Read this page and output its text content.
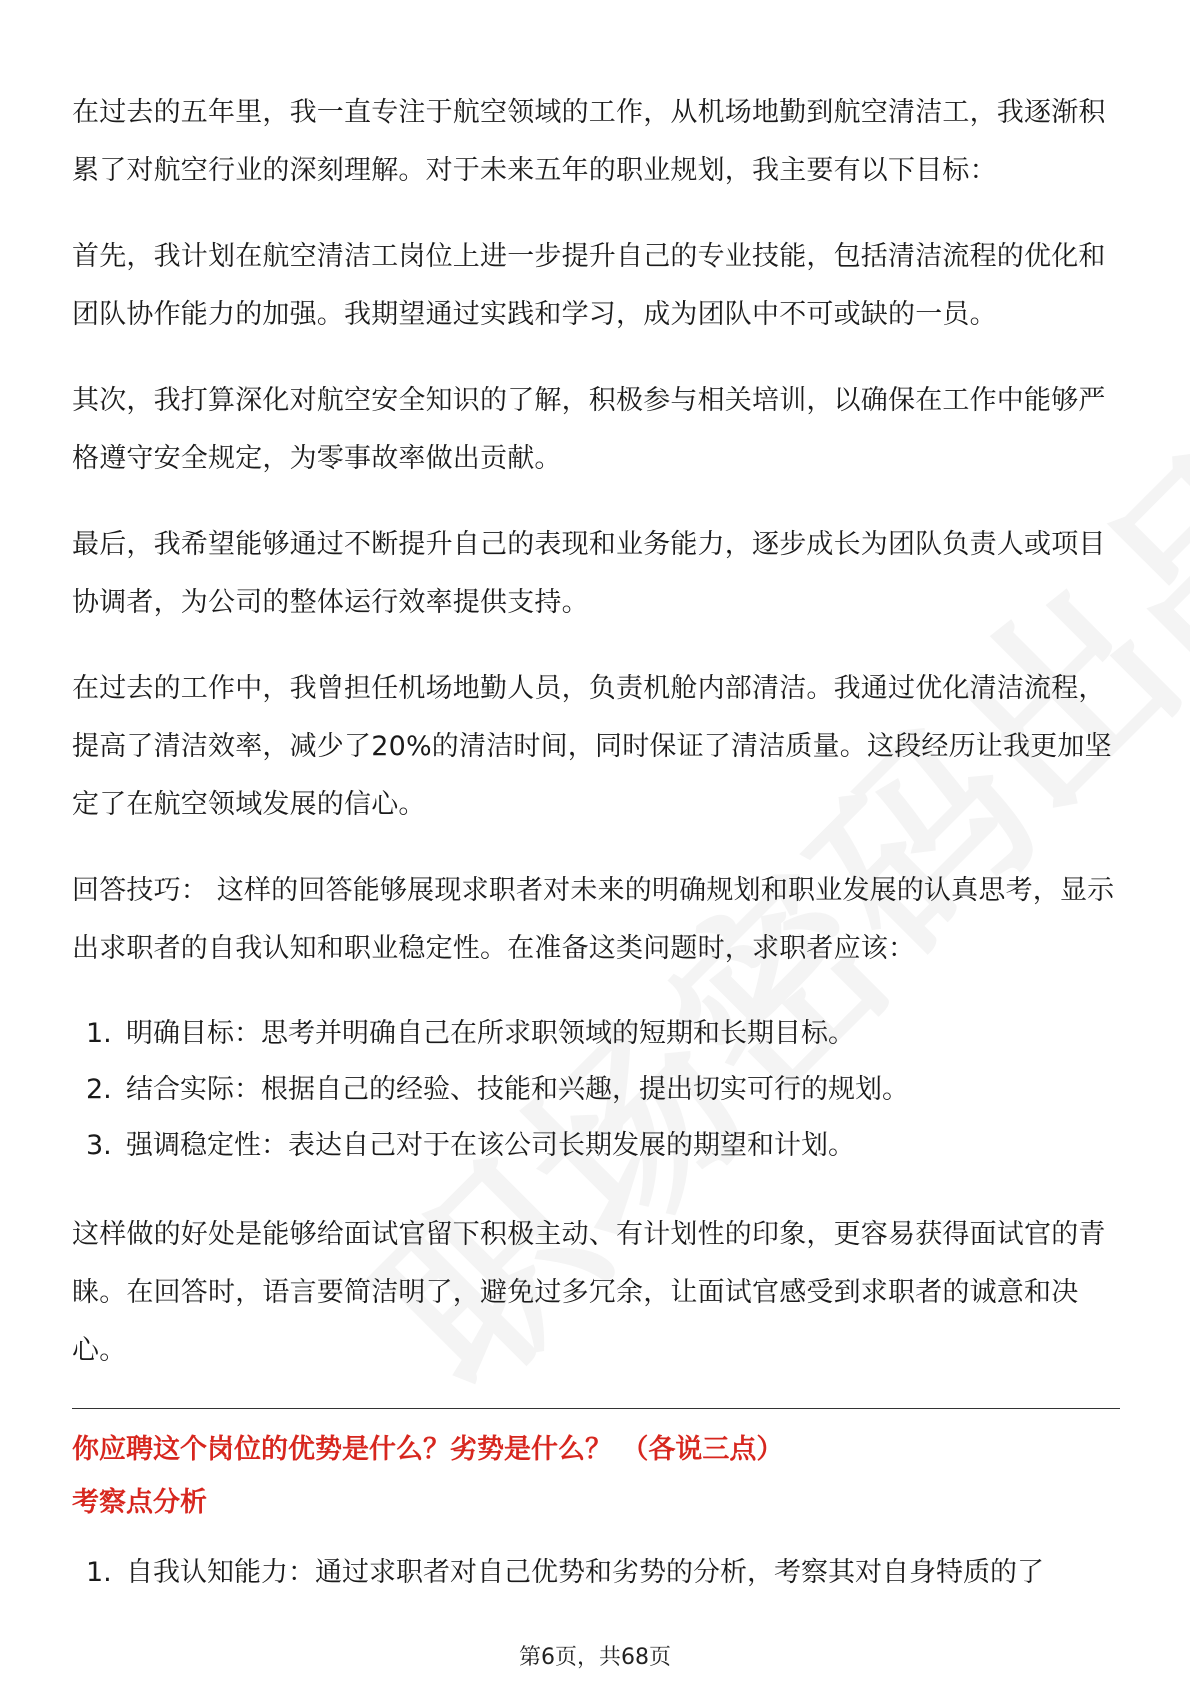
在过去的五年里，我一直专注于航空领域的工作，从机场地勤到航空清洁工，我逐渐积累了对航空行业的深刻理解。对于未来五年的职业规划，我主要有以下目标：

首先，我计划在航空清洁工岗位上进一步提升自己的专业技能，包括清洁流程的优化和团队协作能力的加强。我期望通过实践和学习，成为团队中不可或缺的一员。

其次，我打算深化对航空安全知识的了解，积极参与相关培训，以确保在工作中能够严格遵守安全规定，为零事故率做出贡献。

最后，我希望能够通过不断提升自己的表现和业务能力，逐步成长为团队负责人或项目协调者，为公司的整体运行效率提供支持。

在过去的工作中，我曾担任机场地勤人员，负责机舱内部清洁。我通过优化清洁流程，提高了清洁效率，减少了20%的清洁时间，同时保证了清洁质量。这段经历让我更加坚定了在航空领域发展的信心。

回答技巧： 这样的回答能够展现求职者对未来的明确规划和职业发展的认真思考，显示出求职者的自我认知和职业稳定性。在准备这类问题时，求职者应该：

1. 明确目标：思考并明确自己在所求职领域的短期和长期目标。
2. 结合实际：根据自己的经验、技能和兴趣，提出切实可行的规划。
3. 强调稳定性：表达自己对于在该公司长期发展的期望和计划。

这样做的好处是能够给面试官留下积极主动、有计划性的印象，更容易获得面试官的青睐。在回答时，语言要简洁明了，避免过多冗余，让面试官感受到求职者的诚意和决心。

你应聘这个岗位的优势是什么？劣势是什么？ （各说三点）

考察点分析

1. 自我认知能力：通过求职者对自己优势和劣势的分析，考察其对自身特质的了
第6页，共68页
